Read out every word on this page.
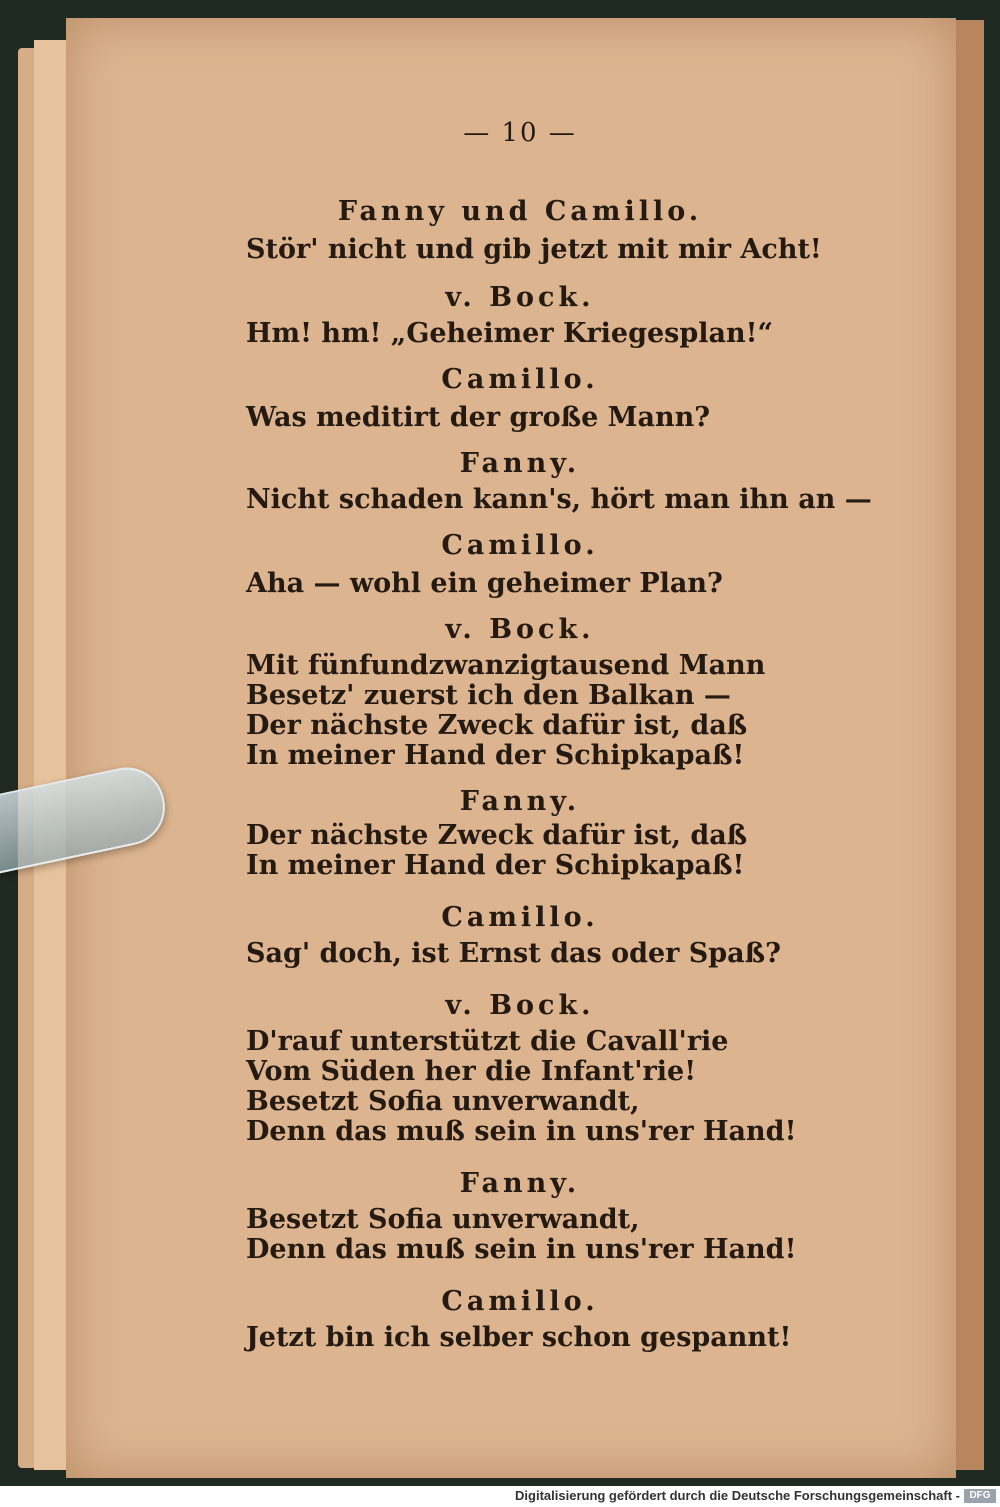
— 10 —
Fanny und Camillo.
Stör' nicht und gib jetzt mit mir Acht!
v. Bock.
Hm! hm! „Geheimer Kriegesplan!“
Camillo.
Was meditirt der große Mann?
Fanny.
Nicht schaden kann's, hört man ihn an —
Camillo.
Aha — wohl ein geheimer Plan?
v. Bock.
Mit fünfundzwanzigtausend Mann
Besetz' zuerst ich den Balkan —
Der nächste Zweck dafür ist, daß
In meiner Hand der Schipkapaß!
Fanny.
Der nächste Zweck dafür ist, daß
In meiner Hand der Schipkapaß!
Camillo.
Sag' doch, ist Ernst das oder Spaß?
v. Bock.
D'rauf unterstützt die Cavall'rie
Vom Süden her die Infant'rie!
Besetzt Sofia unverwandt,
Denn das muß sein in uns'rer Hand!
Fanny.
Besetzt Sofia unverwandt,
Denn das muß sein in uns'rer Hand!
Camillo.
Jetzt bin ich selber schon gespannt!
Digitalisierung gefördert durch die Deutsche Forschungsgemeinschaft - DFG
